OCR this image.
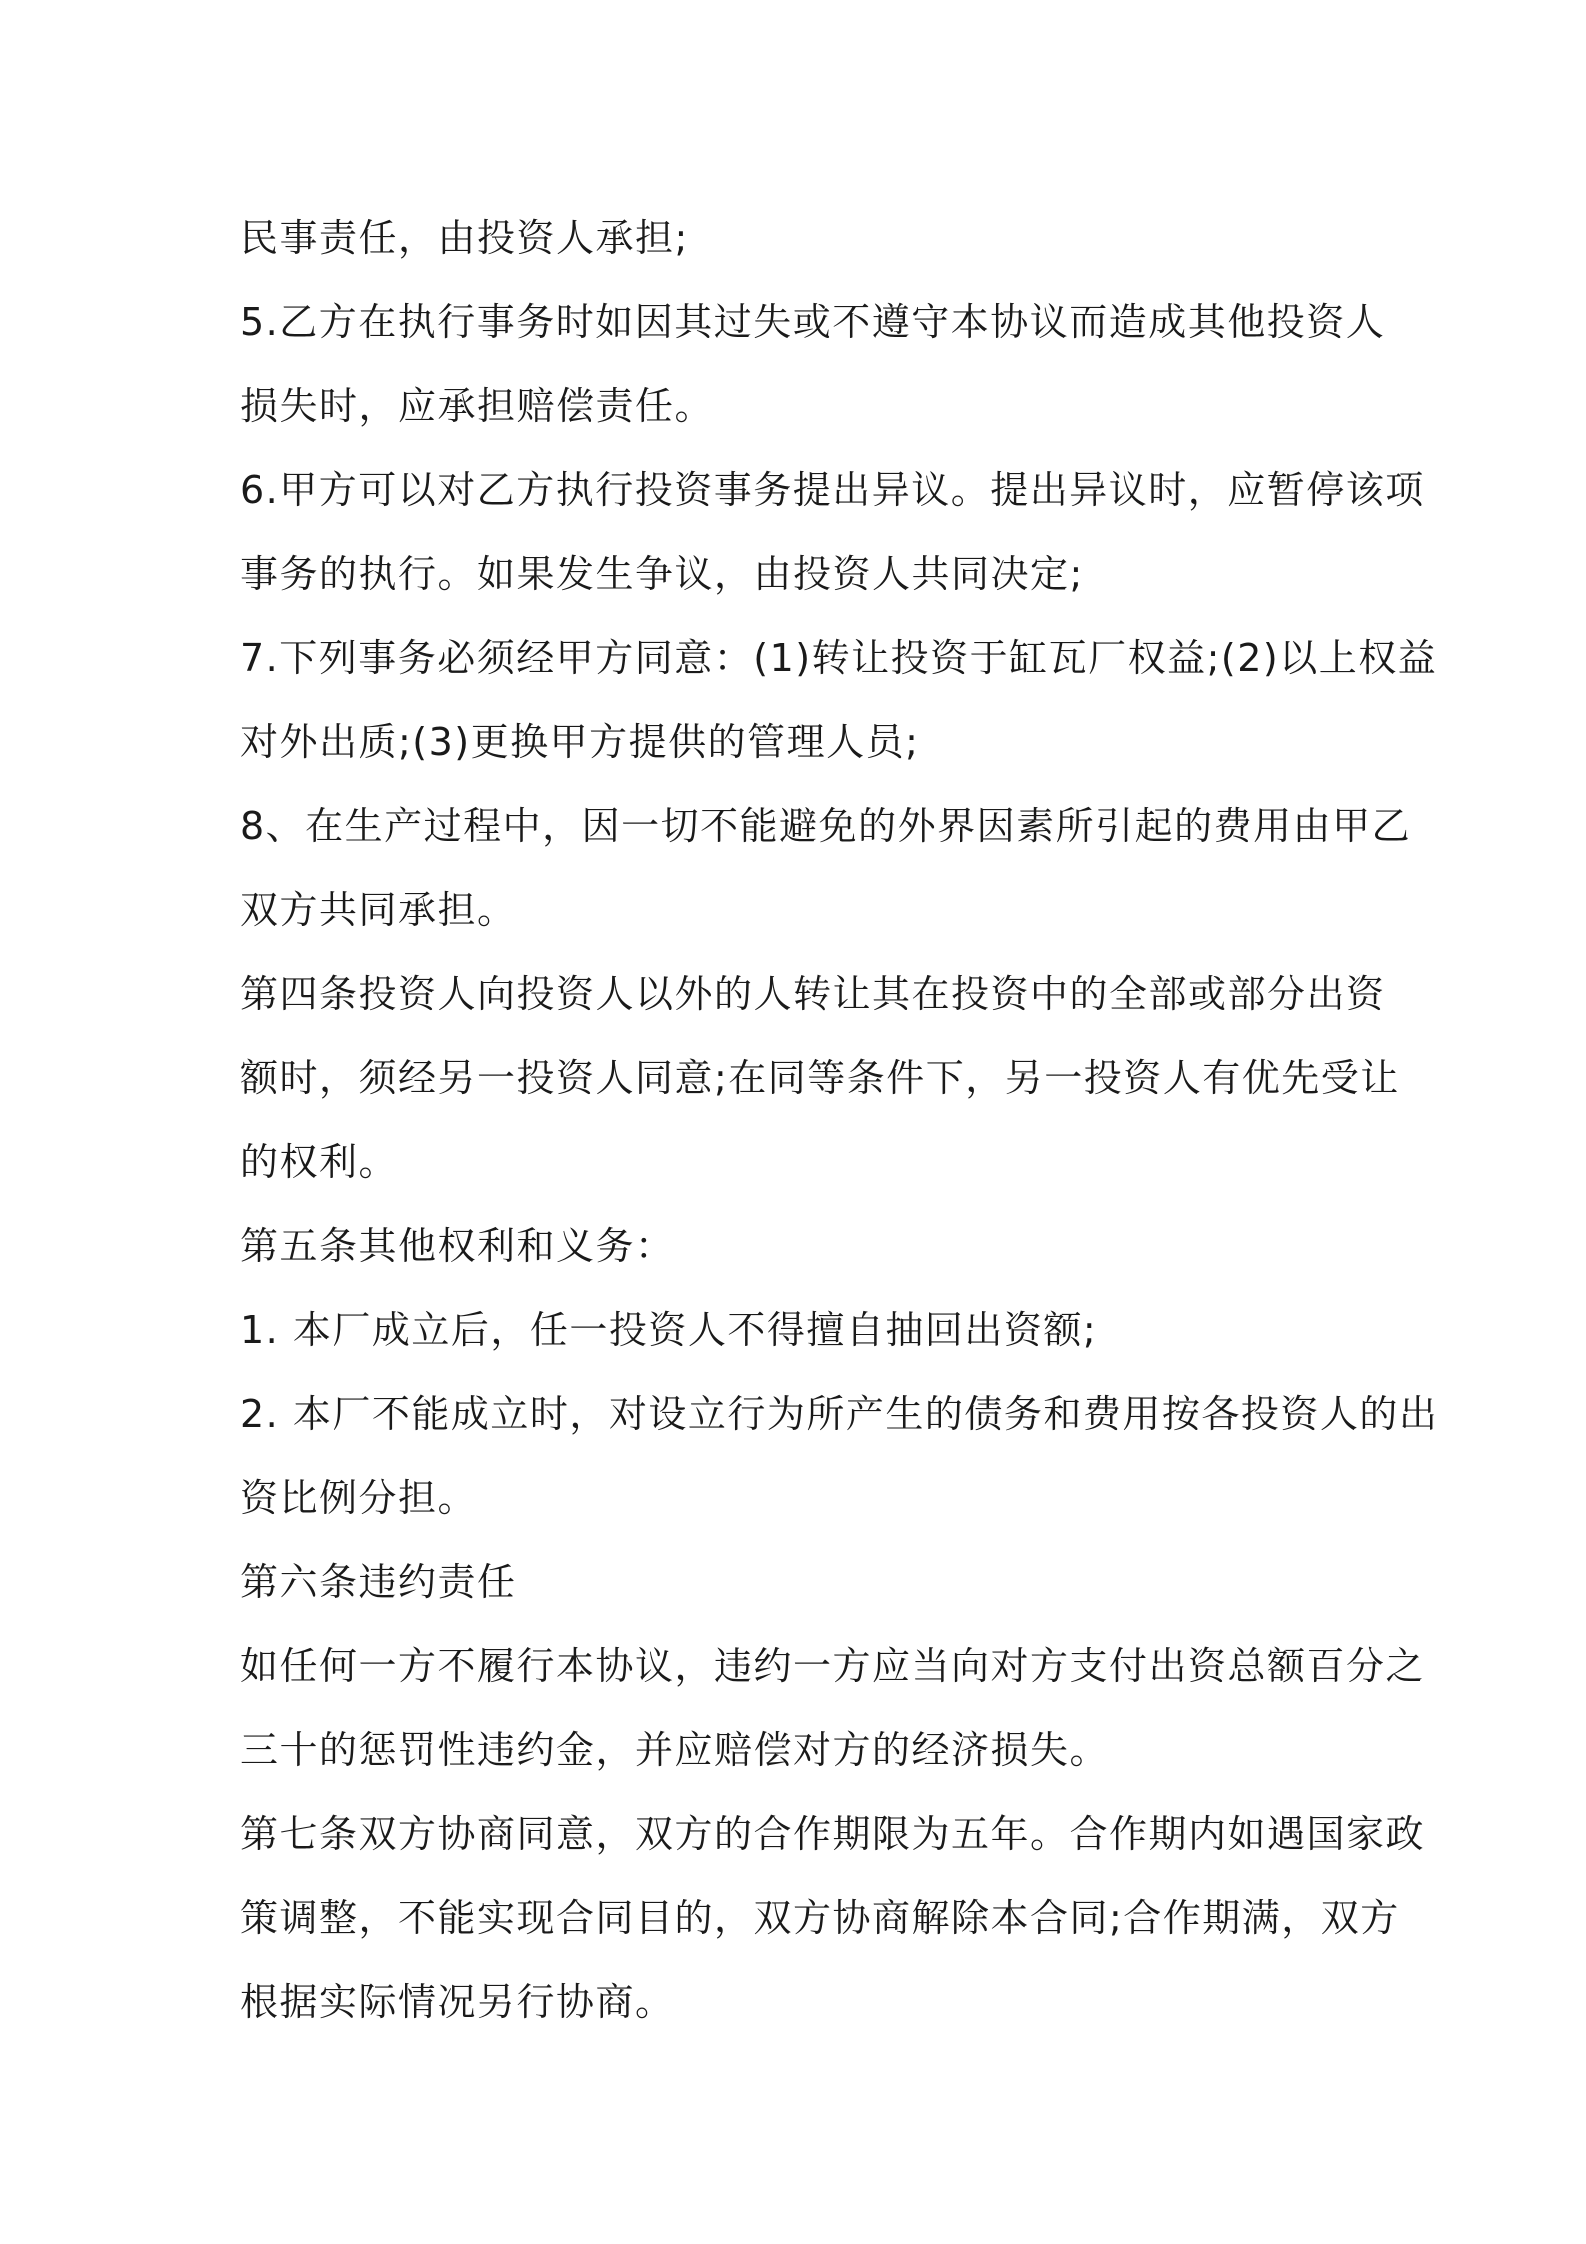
民事责任，由投资人承担;
5.乙方在执行事务时如因其过失或不遵守本协议而造成其他投资人
损失时，应承担赔偿责任。
6.甲方可以对乙方执行投资事务提出异议。提出异议时，应暂停该项
事务的执行。如果发生争议，由投资人共同决定;
7.下列事务必须经甲方同意：(1)转让投资于缸瓦厂权益;(2)以上权益
对外出质;(3)更换甲方提供的管理人员;
8、在生产过程中，因一切不能避免的外界因素所引起的费用由甲乙
双方共同承担。
第四条投资人向投资人以外的人转让其在投资中的全部或部分出资
额时，须经另一投资人同意;在同等条件下，另一投资人有优先受让
的权利。
第五条其他权利和义务：
1. 本厂成立后，任一投资人不得擅自抽回出资额;
2. 本厂不能成立时，对设立行为所产生的债务和费用按各投资人的出
资比例分担。
第六条违约责任
如任何一方不履行本协议，违约一方应当向对方支付出资总额百分之
三十的惩罚性违约金，并应赔偿对方的经济损失。
第七条双方协商同意，双方的合作期限为五年。合作期内如遇国家政
策调整，不能实现合同目的，双方协商解除本合同;合作期满，双方
根据实际情况另行协商。
